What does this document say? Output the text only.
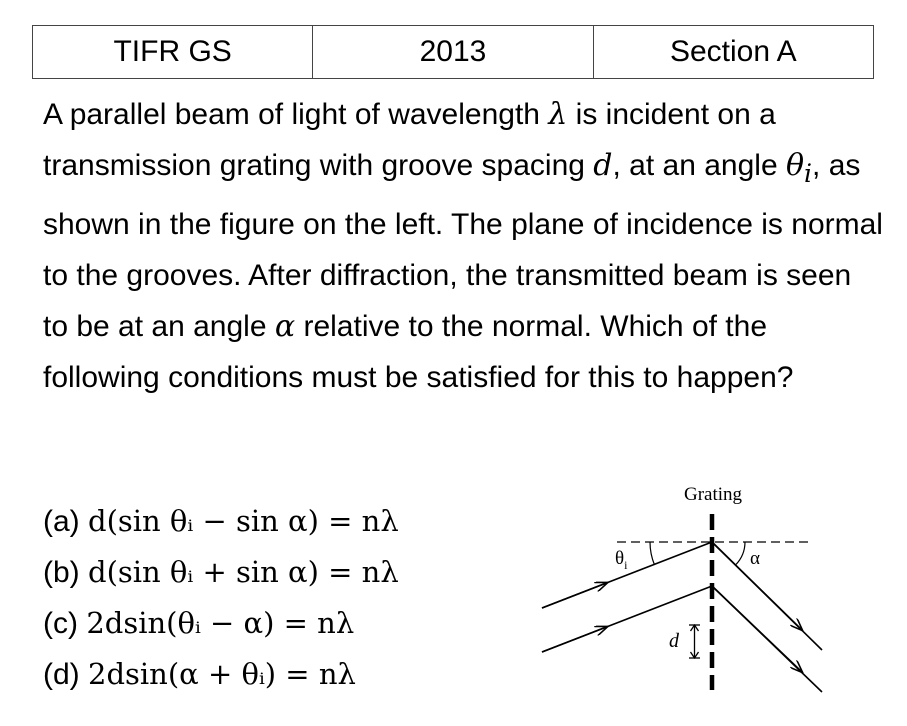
TIFR GS	2013	Section A

A parallel beam of light of wavelength λ is incident on a transmission grating with groove spacing d, at an angle $\theta_i$, as shown in the figure on the left. The plane of incidence is normal to the grooves. After diffraction, the transmitted beam is seen to be at an angle α relative to the normal. Which of the following conditions must be satisfied for this to happen?

(a) d(sin θᵢ − sin α) = nλ
(b) d(sin θᵢ + sin α) = nλ
(c) 2dsin(θᵢ − α) = nλ
(d) 2dsin(α + θᵢ) = nλ
Grating
$\theta_i$	α
d
